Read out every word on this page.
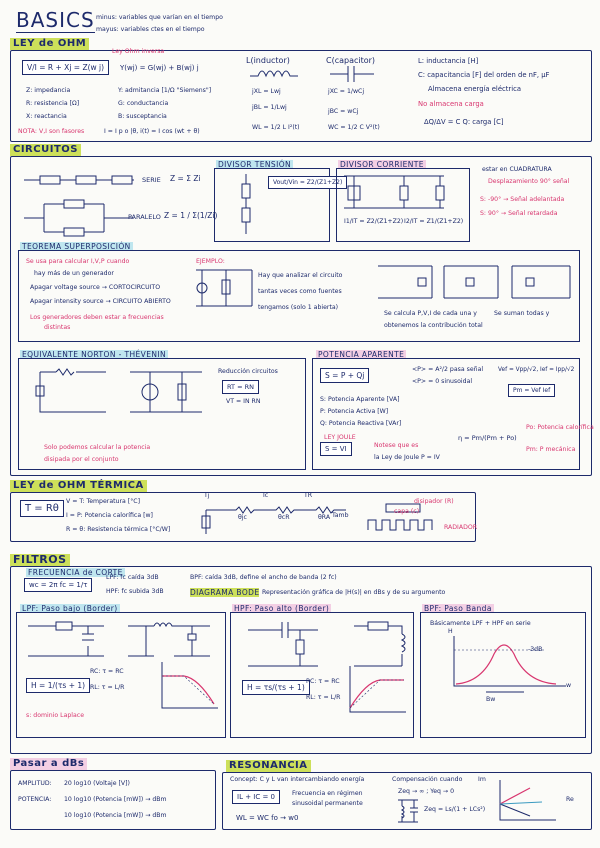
BASICS minus: variables que varían en el tiempo
mayus: variables ctes en el tiempo
LEY de OHM
Ley Ohm inversa
V/I = R + Xj = Z(w j)	Y(wj) = G(wj) + B(wj) j
Z: impedancia
R: resistencia [Ω]
X: reactancia
Y: admitancia [1/Ω "Siemens"]
G: conductancia
B: susceptancia
NOTA: V,I son fasores	I = I p o |θ, i(t) = I cos (wt + θ)
L(inductor)
jXL = Lwj
jBL = 1/Lwj
WL = 1/2 L I²(t)
C(capacitor)
jXC = 1/wCj
jBC = wCj
WC = 1/2 C V²(t)
L: inductancia [H]
C: capacitancia [F] del orden de nF, μF
Almacena energía eléctrica
No almacena carga
ΔQ/ΔV = C Q: carga [C]
CIRCUITOS
SERIE Z = Σ Zi
PARALELO Z = 1 / Σ(1/Zi)
DIVISOR TENSIÓN
Vout/Vin = Z2/(Z1+Z2)
DIVISOR CORRIENTE
I1/IT = Z2/(Z1+Z2) I2/IT = Z1/(Z1+Z2)
estar en CUADRATURA
Desplazamiento 90° señal
S: -90° → Señal adelantada
S: 90° → Señal retardada
TEOREMA SUPERPOSICIÓN
Se usa para calcular I,V,P cuando
hay más de un generador
Apagar voltage source → CORTOCIRCUITO
Apagar intensity source → CIRCUITO ABIERTO
Los generadores deben estar a frecuencias
distintas
EJEMPLO:
Hay que analizar el circuito
tantas veces como fuentes
tengamos (solo 1 abierta)
Se calcula P,V,I de cada una y
obtenemos la contribución total
Se suman todas y
EQUIVALENTE NORTON - THÉVENIN
Reducción circuitos
RT = RN
VT = IN RN
Solo podemos calcular la potencia
disipada por el conjunto
POTENCIA APARENTE
S = P + Qj
<P> = A²/2 pasa señal
<P> = 0 sinusoidal
S: Potencia Aparente [VA]
P: Potencia Activa [W]
Q: Potencia Reactiva [VAr]
LEY JOULE
S = VI	Notese que es
la Ley de Joule P = IV
Vef = Vpp/√2, Ief = Ipp/√2
Pm = Vef Ief
η = Pm/(Pm + Po)
Po: Potencia calorífica
Pm: P mecánica
LEY de OHM TÉRMICA
T = Rθ
V = T: Temperatura [°C]
I = P: Potencia calorífica [w]
R = θ: Resistencia térmica [°C/W]
Tj	Tc	TR
Tamb
θjc	θcR	θRA
disipador (R)
capa (c)
RADIADOR
FILTROS
FRECUENCIA de CORTE
wc = 2π fc = 1/τ
LPF: fc caída 3dB
HPF: fc subida 3dB
BPF: caída 3dB, define el ancho de banda (2 fc)
DIAGRAMA BODE Representación gráfica de |H(s)| en dBs y de su argumento
LPF: Paso bajo (Border)
H = 1/(τs + 1)
RC: τ = RC
RL: τ = L/R
s: dominio Laplace
HPF: Paso alto (Border)
H = τs/(τs + 1)
RC: τ = RC
RL: τ = L/R
BPF: Paso Banda
Básicamente LPF + HPF en serie
-3dB
Bw
H
w
Pasar a dBs
AMPLITUD: 20 log10 (Voltaje [V])
POTENCIA: 10 log10 (Potencia [mW]) → dBm
10 log10 (Potencia [mW]) → dBm
RESONANCIA
Concept: C y L van intercambiando energía
IL + IC = 0	Frecuencia en régimen
sinusoidal permanente
WL = WC fo → w0
Compensación cuando
Zeq → ∞ ; Yeq → 0
Zeq = Ls/(1 + LCs²)
Im
Re
